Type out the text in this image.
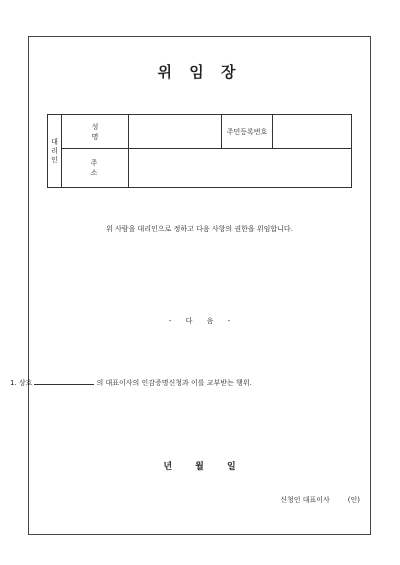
위 임 장
대
리
인	성 명		주민등록번호	
	주 소			
위 사람을 대리인으로 정하고 다음 사항의 권한을 위임합니다.
- 다 음 -
1. 상호	의 대표이사의 인감증명신청과 이를 교부받는 행위.
년 월 일
신청인 대표이사	(인)
